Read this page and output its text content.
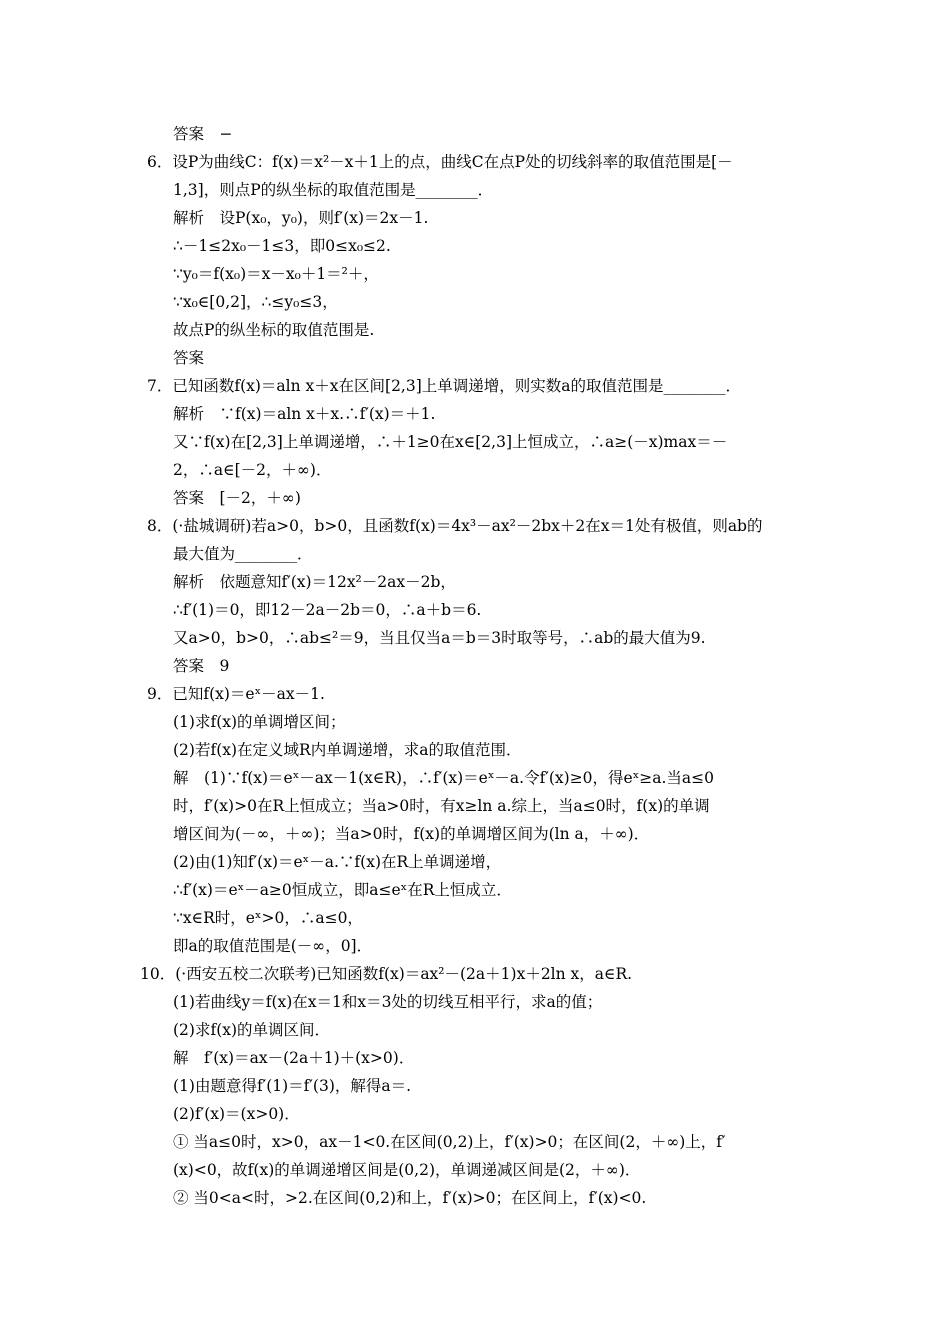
答案　−
6．设P为曲线C：f(x)＝x²－x＋1上的点，曲线C在点P处的切线斜率的取值范围是[－
1,3]，则点P的纵坐标的取值范围是________．
解析　设P(x₀，y₀)，则f′(x)＝2x－1.
∴－1≤2x₀－1≤3，即0≤x₀≤2.
∵y₀＝f(x₀)＝x－x₀＋1＝²＋，
∵x₀∈[0,2]，∴≤y₀≤3，
故点P的纵坐标的取值范围是.
答案
7．已知函数f(x)＝aln x＋x在区间[2,3]上单调递增，则实数a的取值范围是________．
解析　∵f(x)＝aln x＋x.∴f′(x)＝＋1.
又∵f(x)在[2,3]上单调递增，∴＋1≥0在x∈[2,3]上恒成立，∴a≥(－x)max＝－
2，∴a∈[－2，＋∞)．
答案　[－2，＋∞)
8．(·盐城调研)若a>0，b>0，且函数f(x)＝4x³－ax²－2bx＋2在x＝1处有极值，则ab的
最大值为________．
解析　依题意知f′(x)＝12x²－2ax－2b，
∴f′(1)＝0，即12－2a－2b＝0，∴a＋b＝6.
又a>0，b>0，∴ab≤²＝9，当且仅当a＝b＝3时取等号，∴ab的最大值为9.
答案　9
9．已知f(x)＝eˣ－ax－1.
(1)求f(x)的单调增区间；
(2)若f(x)在定义域R内单调递增，求a的取值范围．
解　(1)∵f(x)＝eˣ－ax－1(x∈R)，∴f′(x)＝eˣ－a.令f′(x)≥0，得eˣ≥a.当a≤0
时，f′(x)>0在R上恒成立；当a>0时，有x≥ln a.综上，当a≤0时，f(x)的单调
增区间为(－∞，＋∞)；当a>0时，f(x)的单调增区间为(ln a，＋∞)．
(2)由(1)知f′(x)＝eˣ－a.∵f(x)在R上单调递增，
∴f′(x)＝eˣ－a≥0恒成立，即a≤eˣ在R上恒成立．
∵x∈R时，eˣ>0，∴a≤0，
即a的取值范围是(－∞，0]．
10．(·西安五校二次联考)已知函数f(x)＝ax²－(2a＋1)x＋2ln x，a∈R.
(1)若曲线y＝f(x)在x＝1和x＝3处的切线互相平行，求a的值；
(2)求f(x)的单调区间．
解　f′(x)＝ax－(2a＋1)＋(x>0)．
(1)由题意得f′(1)＝f′(3)，解得a＝.
(2)f′(x)＝(x>0)．
① 当a≤0时，x>0，ax－1<0.在区间(0,2)上，f′(x)>0；在区间(2，＋∞)上，f′
(x)<0，故f(x)的单调递增区间是(0,2)，单调递减区间是(2，＋∞)．
② 当0<a<时，>2.在区间(0,2)和上，f′(x)>0；在区间上，f′(x)<0.
